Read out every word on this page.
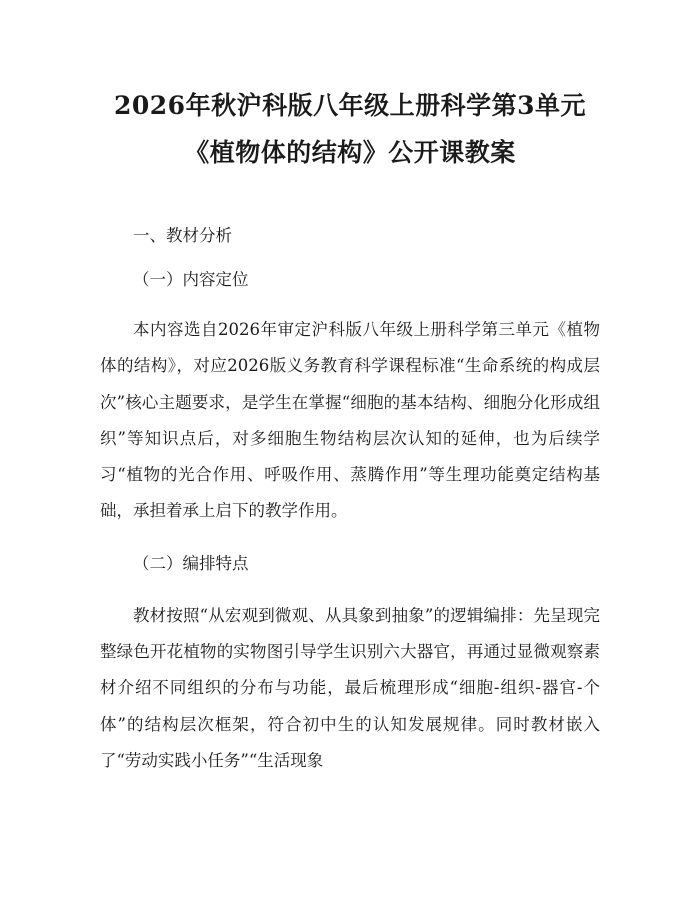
2026年秋沪科版八年级上册科学第3单元
《植物体的结构》公开课教案

一、教材分析

（一）内容定位

本内容选自2026年审定沪科版八年级上册科学第三单元《植物体的结构》，对应2026版义务教育科学课程标准“生命系统的构成层次”核心主题要求，是学生在掌握“细胞的基本结构、细胞分化形成组织”等知识点后，对多细胞生物结构层次认知的延伸，也为后续学习“植物的光合作用、呼吸作用、蒸腾作用”等生理功能奠定结构基础，承担着承上启下的教学作用。

（二）编排特点

教材按照“从宏观到微观、从具象到抽象”的逻辑编排：先呈现完整绿色开花植物的实物图引导学生识别六大器官，再通过显微观察素材介绍不同组织的分布与功能，最后梳理形成“细胞-组织-器官-个体”的结构层次框架，符合初中生的认知发展规律。同时教材嵌入了“劳动实践小任务”“生活现象
